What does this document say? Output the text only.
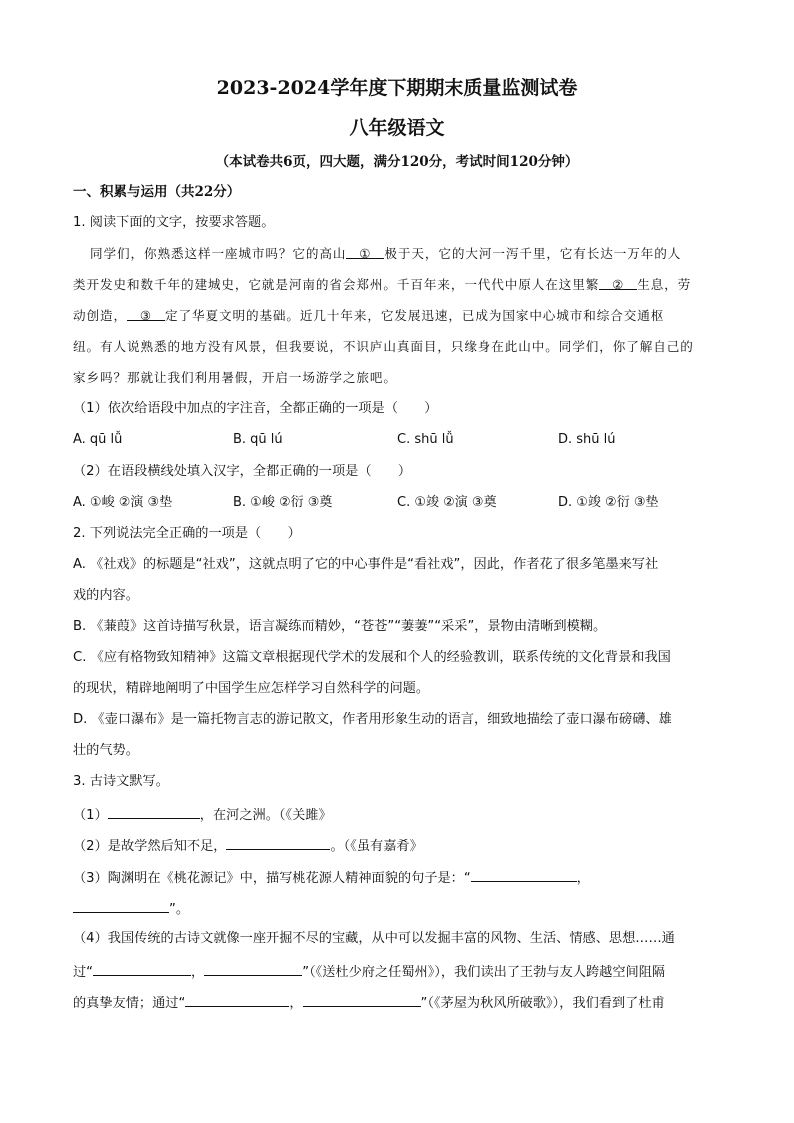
2023-2024学年度下期期末质量监测试卷
八年级语文
（本试卷共6页，四大题，满分120分，考试时间120分钟）
一、积累与运用（共22分）
1. 阅读下面的文字，按要求答题。
同学们，你熟悉这样一座城市吗？它的高山 ① 极于天，它的大河一泻千里，它有长达一万年的人
类开发史和数千年的建城史，它就是河南的省会郑州。千百年来，一代代中原人在这里繁 ② 生息，劳
动创造， ③ 定了华夏文明的基础。近几十年来，它发展迅速，已成为国家中心城市和综合交通枢
纽。有人说熟悉的地方没有风景，但我要说，不识庐山真面目，只缘身在此山中。同学们，你了解自己的
家乡吗？那就让我们利用暑假，开启一场游学之旅吧。
（1）依次给语段中加点的字注音，全都正确的一项是（　　）
A. qū lǚ	B. qū lú	C. shū lǚ	D. shū lú
（2）在语段横线处填入汉字，全都正确的一项是（　　）
A. ①峻 ②演 ③垫	B. ①峻 ②衍 ③奠	C. ①竣 ②演 ③奠	D. ①竣 ②衍 ③垫
2. 下列说法完全正确的一项是（　　）
A. 《社戏》的标题是“社戏”，这就点明了它的中心事件是“看社戏”，因此，作者花了很多笔墨来写社
戏的内容。
B. 《蒹葭》这首诗描写秋景，语言凝练而精妙，“苍苍”“萋萋”“采采”，景物由清晰到模糊。
C. 《应有格物致知精神》这篇文章根据现代学术的发展和个人的经验教训，联系传统的文化背景和我国
的现状，精辟地阐明了中国学生应怎样学习自然科学的问题。
D. 《壶口瀑布》是一篇托物言志的游记散文，作者用形象生动的语言，细致地描绘了壶口瀑布磅礴、雄
壮的气势。
3. 古诗文默写。
（1）	，在河之洲。（《关雎》
（2）是故学然后知不足，	。（《虽有嘉肴》
（3）陶渊明在《桃花源记》中，描写桃花源人精神面貌的句子是：“	，
”。
（4）我国传统的古诗文就像一座开掘不尽的宝藏，从中可以发掘丰富的风物、生活、情感、思想……通
过“	，	”（《送杜少府之任蜀州》），我们读出了王勃与友人跨越空间阻隔
的真挚友情；通过“	，	”（《茅屋为秋风所破歌》），我们看到了杜甫
